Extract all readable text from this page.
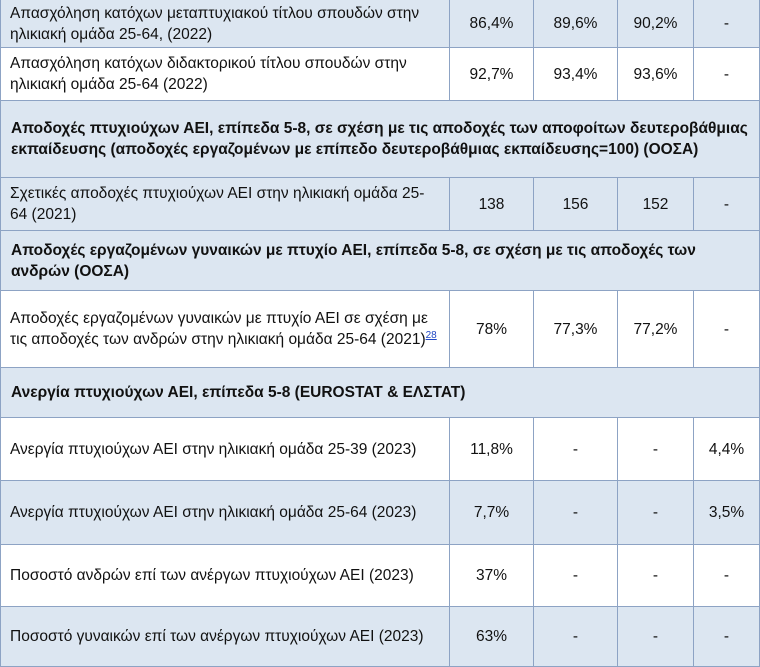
Απασχόληση κατόχων μεταπτυχιακού τίτλου σπουδών στην ηλικιακή ομάδα 25-64, (2022)	86,4%	89,6%	90,2%	-
Απασχόληση κατόχων διδακτορικού τίτλου σπουδών στην ηλικιακή ομάδα 25-64 (2022)	92,7%	93,4%	93,6%	-
Αποδοχές πτυχιούχων ΑΕΙ, επίπεδα 5-8, σε σχέση με τις αποδοχές των αποφοίτων δευτεροβάθμιας εκπαίδευσης (αποδοχές εργαζομένων με επίπεδο δευτεροβάθμιας εκπαίδευσης=100) (ΟΟΣΑ)				
Σχετικές αποδοχές πτυχιούχων ΑΕΙ στην ηλικιακή ομάδα 25-64 (2021)	138	156	152	-
Αποδοχές εργαζομένων γυναικών με πτυχίο ΑΕΙ, επίπεδα 5-8, σε σχέση με τις αποδοχές των ανδρών (ΟΟΣΑ)				
Αποδοχές εργαζομένων γυναικών με πτυχίο ΑΕΙ σε σχέση με τις αποδοχές των ανδρών στην ηλικιακή ομάδα 25-64 (2021)$^{28}$	78%	77,3%	77,2%	-
Ανεργία πτυχιούχων ΑΕΙ, επίπεδα 5-8 (EUROSTAT & ΕΛΣΤΑΤ)				
Ανεργία πτυχιούχων ΑΕΙ στην ηλικιακή ομάδα 25-39 (2023)	11,8%	-	-	4,4%
Ανεργία πτυχιούχων ΑΕΙ στην ηλικιακή ομάδα 25-64 (2023)	7,7%	-	-	3,5%
Ποσοστό ανδρών επί των ανέργων πτυχιούχων ΑΕΙ (2023)	37%	-	-	-
Ποσοστό γυναικών επί των ανέργων πτυχιούχων ΑΕΙ (2023)	63%	-	-	-
